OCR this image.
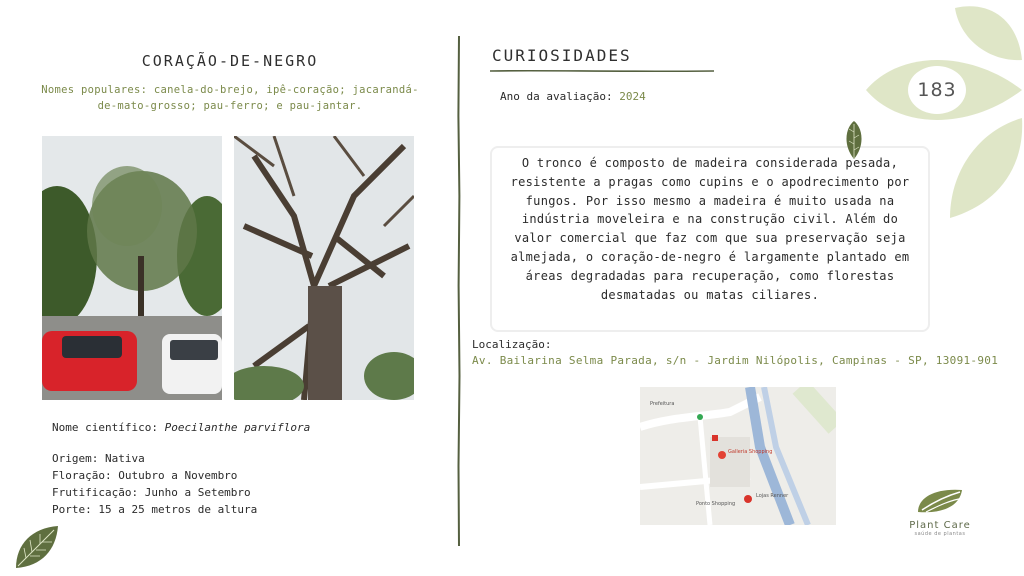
CORAÇÃO-DE-NEGRO
Nomes populares: canela-do-brejo, ipê-coração; jacarandá-de-mato-grosso; pau-ferro; e pau-jantar.
Nome científico: Poecilanthe parviflora
Origem: Nativa
Floração: Outubro a Novembro
Frutificação: Junho a Setembro
Porte: 15 a 25 metros de altura
CURIOSIDADES
Ano da avaliação: 2024	183
O tronco é composto de madeira considerada pesada, resistente a pragas como cupins e o apodrecimento por fungos. Por isso mesmo a madeira é muito usada na indústria moveleira e na construção civil. Além do valor comercial que faz com que sua preservação seja almejada, o coração-de-negro é largamente plantado em áreas degradadas para recuperação, como florestas desmatadas ou matas ciliares.
Localização:
Av. Bailarina Selma Parada, s/n - Jardim Nilópolis, Campinas - SP, 13091-901
Galleria Shopping
Lojas Renner
Ponto Shopping
Prefeitura
Plant Care
saúde de plantas
